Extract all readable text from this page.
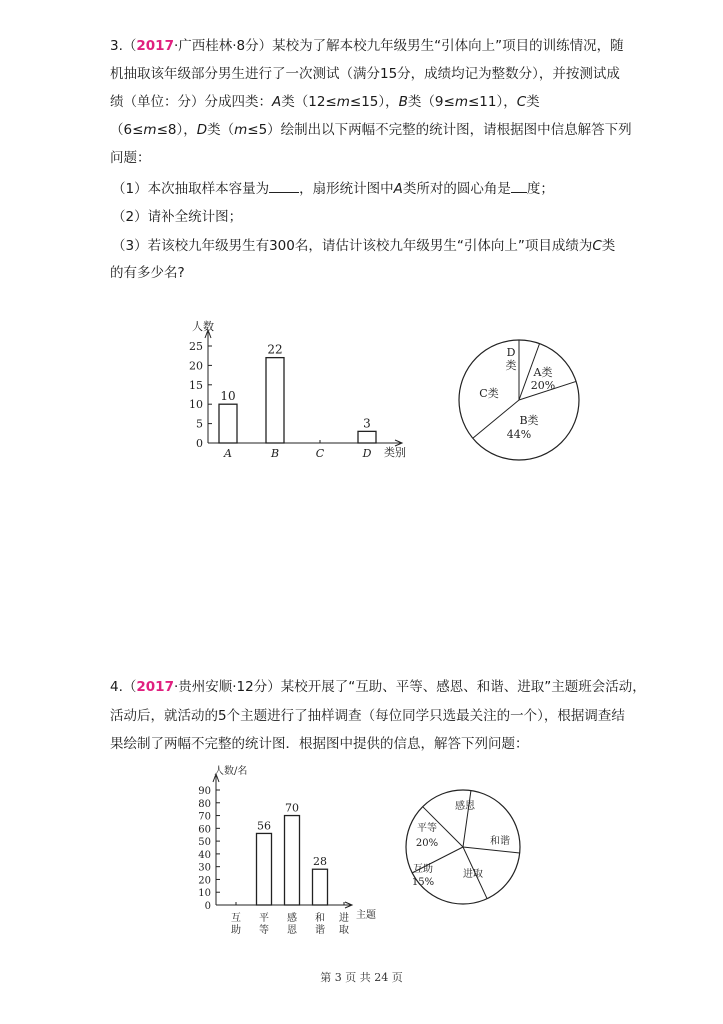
3.（2017·广西桂林·8分）某校为了解本校九年级男生“引体向上”项目的训练情况，随
机抽取该年级部分男生进行了一次测试（满分15分，成绩均记为整数分），并按测试成
绩（单位：分）分成四类：A类（12≤m≤15），B类（9≤m≤11），C类
（6≤m≤8），D类（m≤5）绘制出以下两幅不完整的统计图，请根据图中信息解答下列
问题：
（1）本次抽取样本容量为 ，扇形统计图中A类所对的圆心角是 度；
（2）请补全统计图；
（3）若该校九年级男生有300名，请估计该校九年级男生“引体向上”项目成绩为C类
的有多少名?
人数
类别
0
5
10
15
20
25
A
10
B
22
C	D
3
A类
20%
B类
44%
C类
D
类
4.（2017·贵州安顺·12分）某校开展了“互助、平等、感恩、和谐、进取”主题班会活动，
活动后，就活动的5个主题进行了抽样调查（每位同学只选最关注的一个），根据调查结
果绘制了两幅不完整的统计图．根据图中提供的信息，解答下列问题：
人数/名
主题
0
10
20
30
40
50
60
70
80
90
互
助
平
等
56
感
恩
70
和
谐
28
进
取
感恩
和谐
进取
互助
15%
平等
20%
第 3 页 共 24 页
